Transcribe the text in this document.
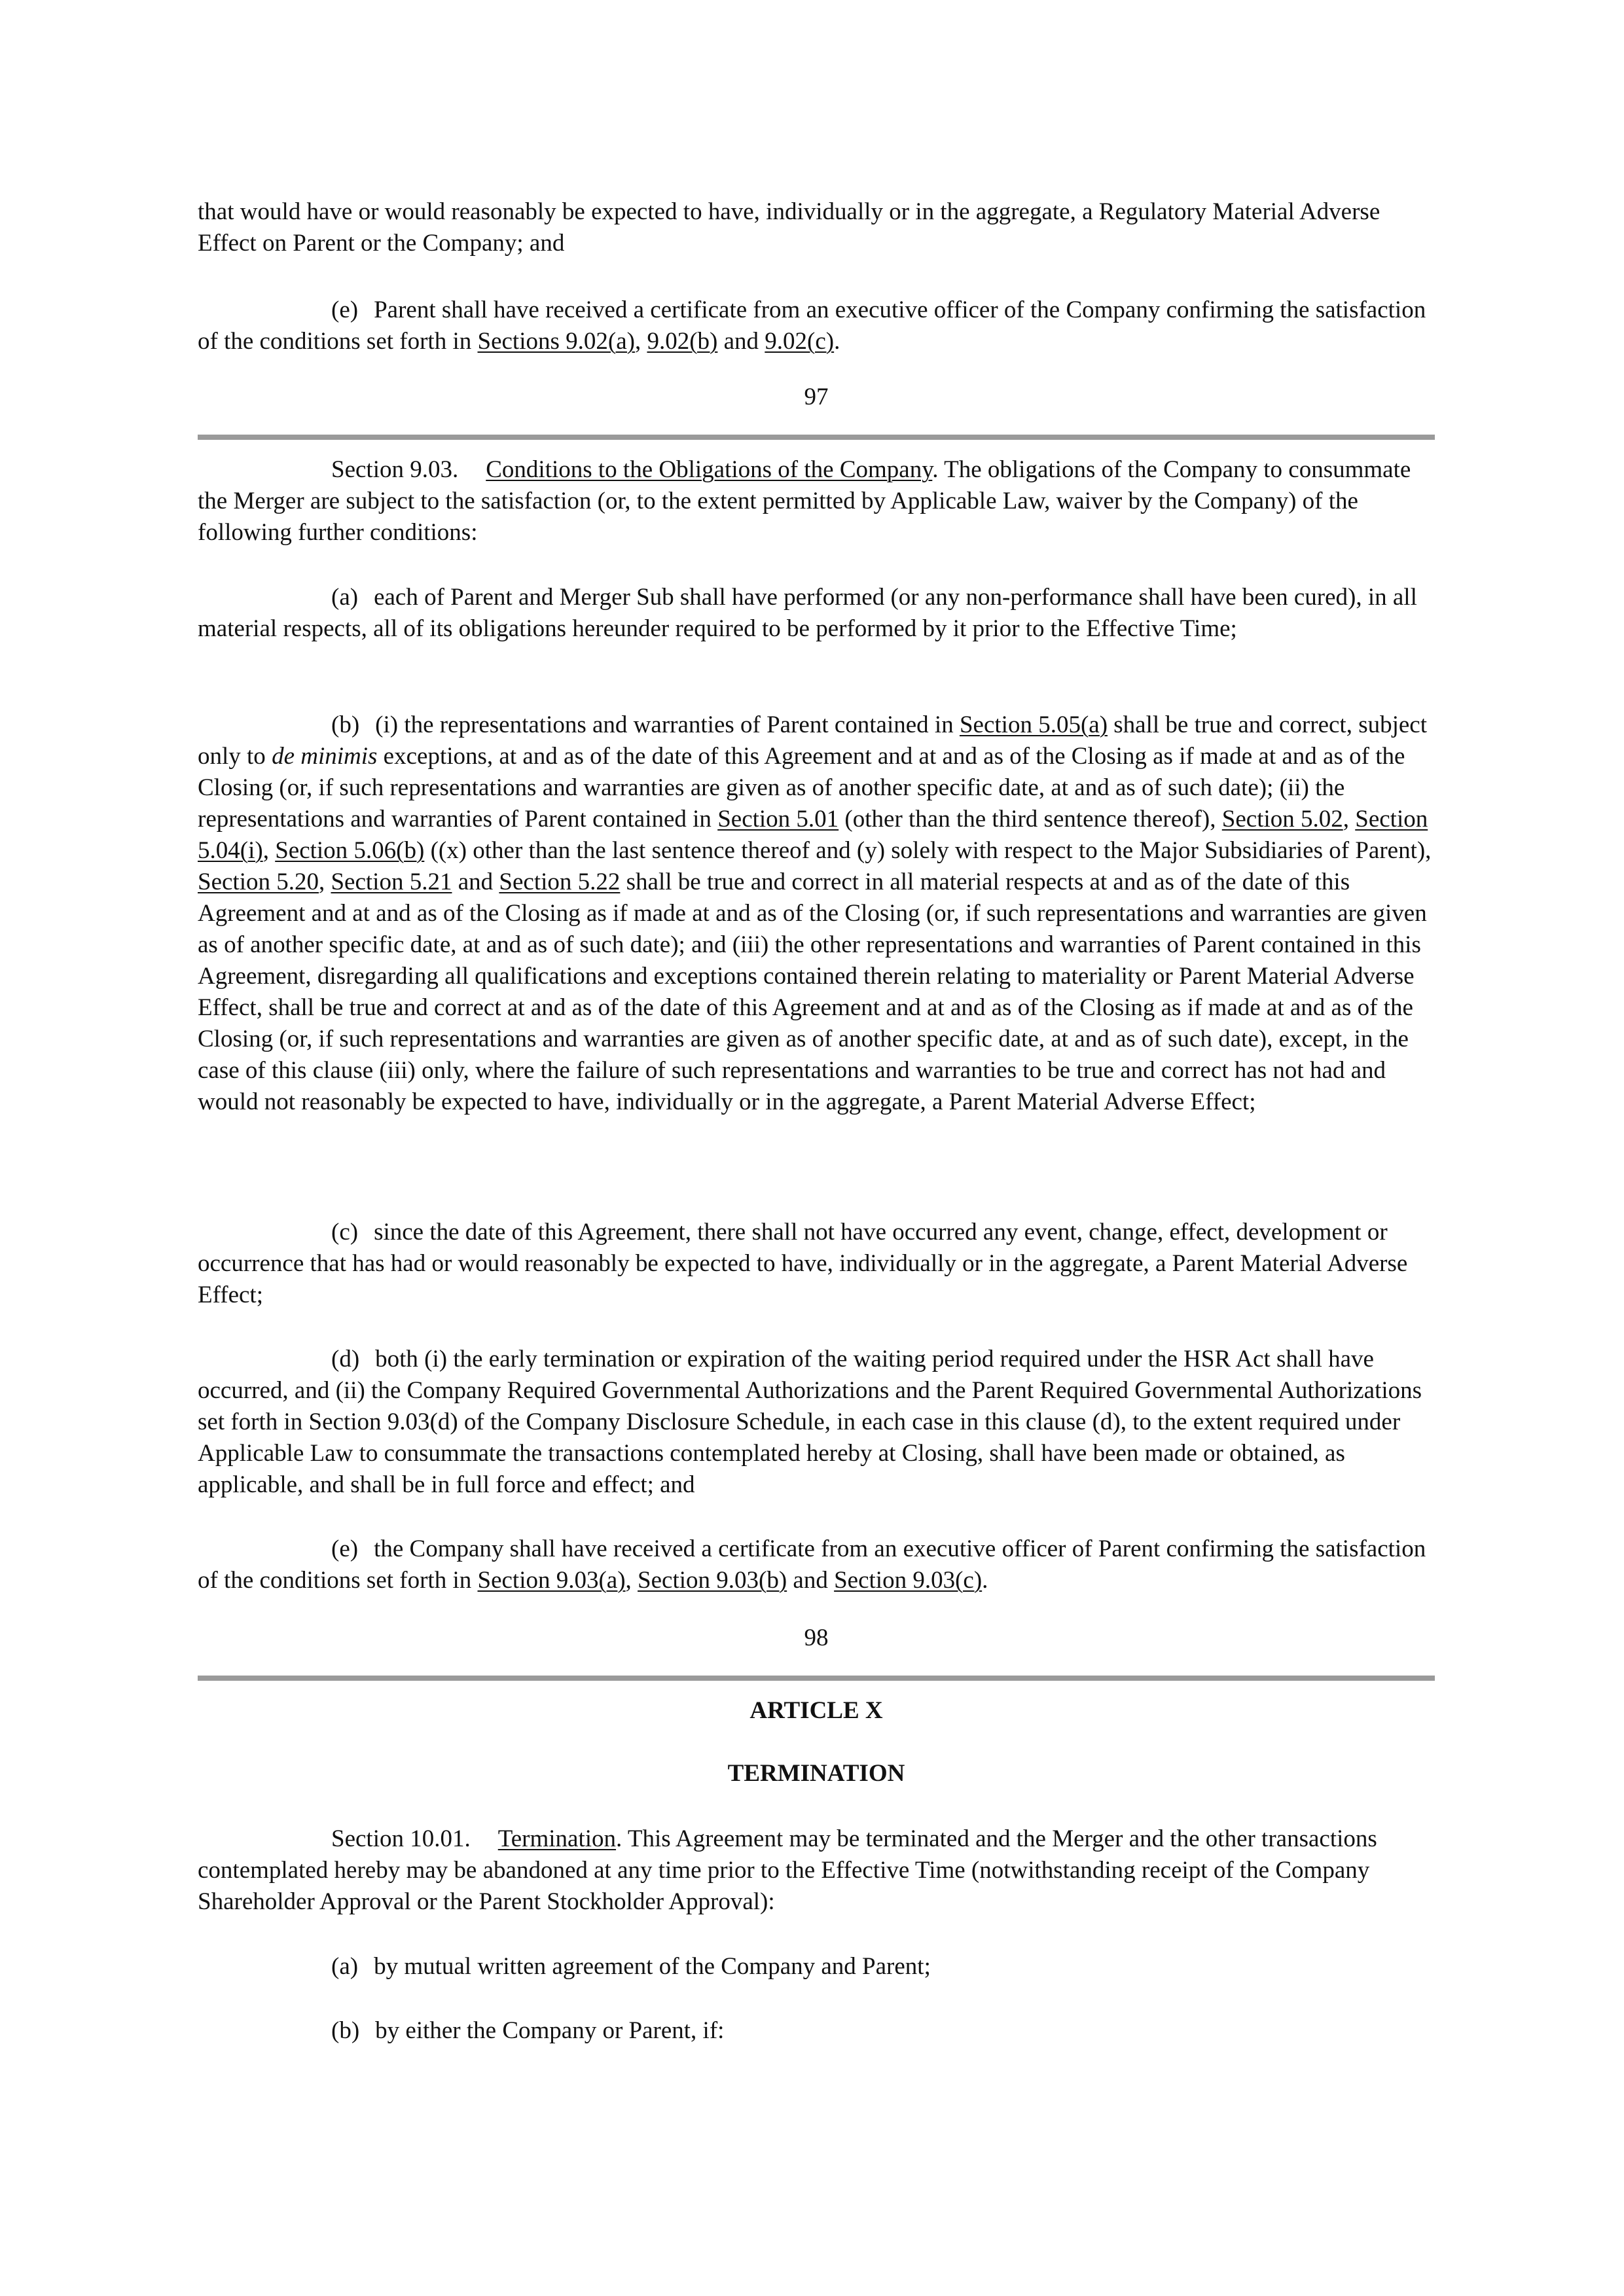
that would have or would reasonably be expected to have, individually or in the aggregate, a Regulatory Material Adverse Effect on Parent or the Company; and

(e) Parent shall have received a certificate from an executive officer of the Company confirming the satisfaction of the conditions set forth in Sections 9.02(a), 9.02(b) and 9.02(c).

97

Section 9.03. Conditions to the Obligations of the Company. The obligations of the Company to consummate the Merger are subject to the satisfaction (or, to the extent permitted by Applicable Law, waiver by the Company) of the following further conditions:

(a) each of Parent and Merger Sub shall have performed (or any non-performance shall have been cured), in all material respects, all of its obligations hereunder required to be performed by it prior to the Effective Time;

(b) (i) the representations and warranties of Parent contained in Section 5.05(a) shall be true and correct, subject only to de minimis exceptions, at and as of the date of this Agreement and at and as of the Closing as if made at and as of the Closing (or, if such representations and warranties are given as of another specific date, at and as of such date); (ii) the representations and warranties of Parent contained in Section 5.01 (other than the third sentence thereof), Section 5.02, Section 5.04(i), Section 5.06(b) ((x) other than the last sentence thereof and (y) solely with respect to the Major Subsidiaries of Parent), Section 5.20, Section 5.21 and Section 5.22 shall be true and correct in all material respects at and as of the date of this Agreement and at and as of the Closing as if made at and as of the Closing (or, if such representations and warranties are given as of another specific date, at and as of such date); and (iii) the other representations and warranties of Parent contained in this Agreement, disregarding all qualifications and exceptions contained therein relating to materiality or Parent Material Adverse Effect, shall be true and correct at and as of the date of this Agreement and at and as of the Closing as if made at and as of the Closing (or, if such representations and warranties are given as of another specific date, at and as of such date), except, in the case of this clause (iii) only, where the failure of such representations and warranties to be true and correct has not had and would not reasonably be expected to have, individually or in the aggregate, a Parent Material Adverse Effect;

(c) since the date of this Agreement, there shall not have occurred any event, change, effect, development or occurrence that has had or would reasonably be expected to have, individually or in the aggregate, a Parent Material Adverse Effect;

(d) both (i) the early termination or expiration of the waiting period required under the HSR Act shall have occurred, and (ii) the Company Required Governmental Authorizations and the Parent Required Governmental Authorizations set forth in Section 9.03(d) of the Company Disclosure Schedule, in each case in this clause (d), to the extent required under Applicable Law to consummate the transactions contemplated hereby at Closing, shall have been made or obtained, as applicable, and shall be in full force and effect; and

(e) the Company shall have received a certificate from an executive officer of Parent confirming the satisfaction of the conditions set forth in Section 9.03(a), Section 9.03(b) and Section 9.03(c).

98
ARTICLE X
TERMINATION

Section 10.01. Termination. This Agreement may be terminated and the Merger and the other transactions contemplated hereby may be abandoned at any time prior to the Effective Time (notwithstanding receipt of the Company Shareholder Approval or the Parent Stockholder Approval):

(a) by mutual written agreement of the Company and Parent;

(b) by either the Company or Parent, if:
